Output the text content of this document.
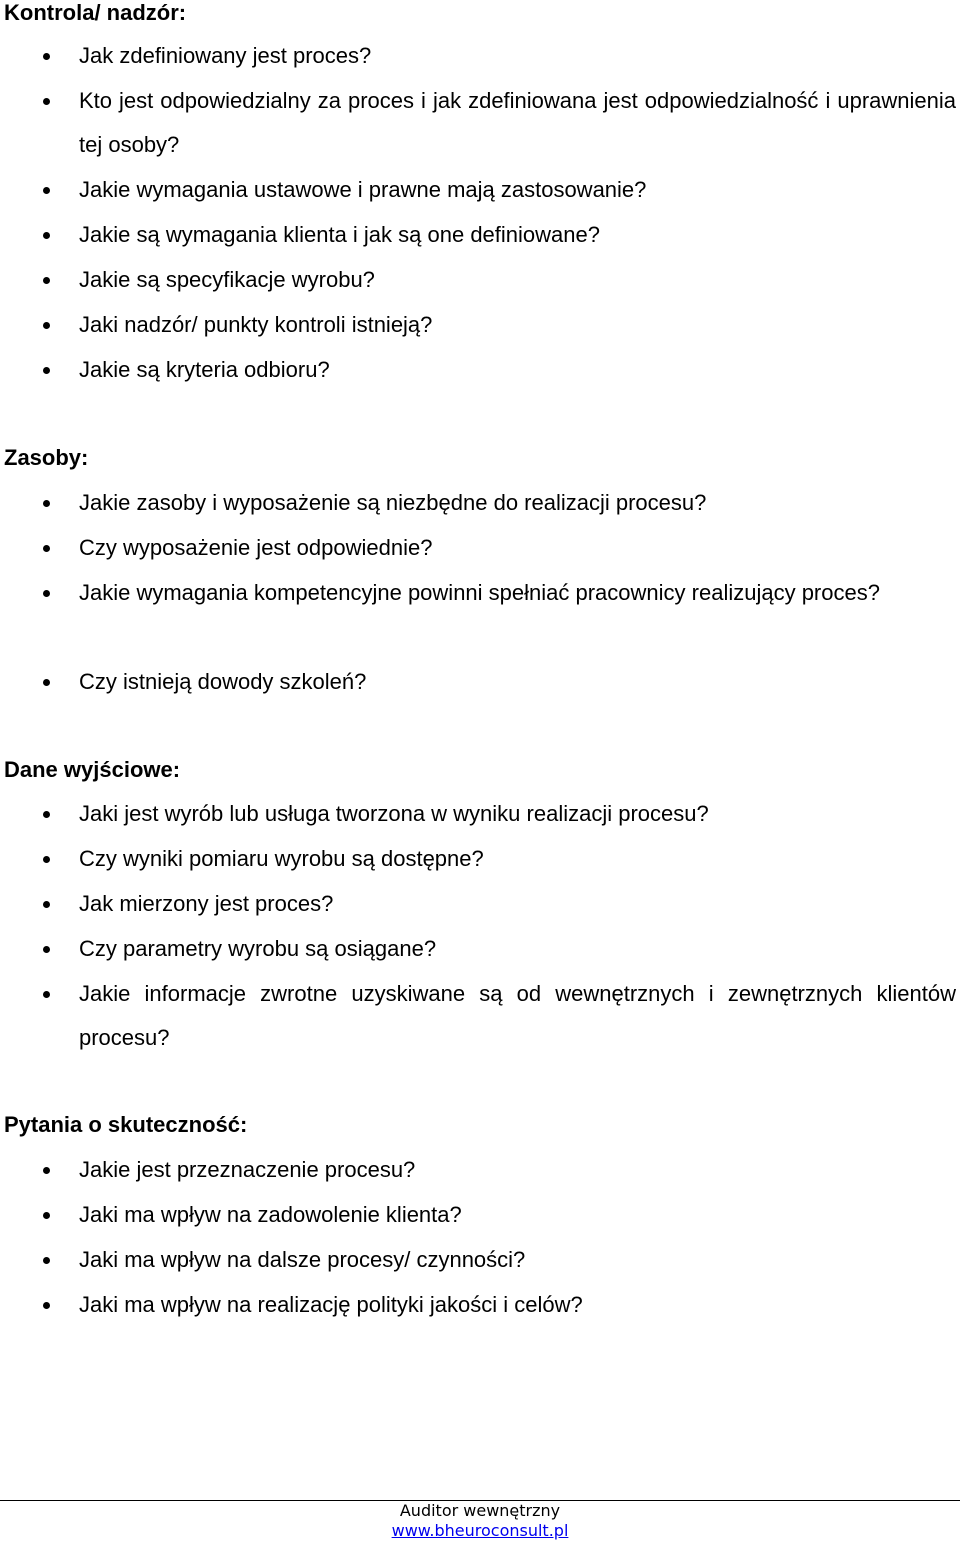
Kontrola/ nadzór:

Jak zdefiniowany jest proces?

Kto jest odpowiedzialny za proces i jak zdefiniowana jest odpowiedzialność i uprawnienia tej osoby?

Jakie wymagania ustawowe i prawne mają zastosowanie?

Jakie są wymagania klienta i jak są one definiowane?

Jakie są specyfikacje wyrobu?

Jaki nadzór/ punkty kontroli istnieją?

Jakie są kryteria odbioru?

Zasoby:

Jakie zasoby i wyposażenie są niezbędne do realizacji procesu?

Czy wyposażenie jest odpowiednie?

Jakie wymagania kompetencyjne powinni spełniać pracownicy realizujący proces?

Czy istnieją dowody szkoleń?

Dane wyjściowe:

Jaki jest wyrób lub usługa tworzona w wyniku realizacji procesu?

Czy wyniki pomiaru wyrobu są dostępne?

Jak mierzony jest proces?

Czy parametry wyrobu są osiągane?

Jakie informacje zwrotne uzyskiwane są od wewnętrznych i zewnętrznych klientów procesu?

Pytania o skuteczność:

Jakie jest przeznaczenie procesu?

Jaki ma wpływ na zadowolenie klienta?

Jaki ma wpływ na dalsze procesy/ czynności?

Jaki ma wpływ na realizację polityki jakości i celów?

Auditor wewnętrzny
www.bheuroconsult.pl
